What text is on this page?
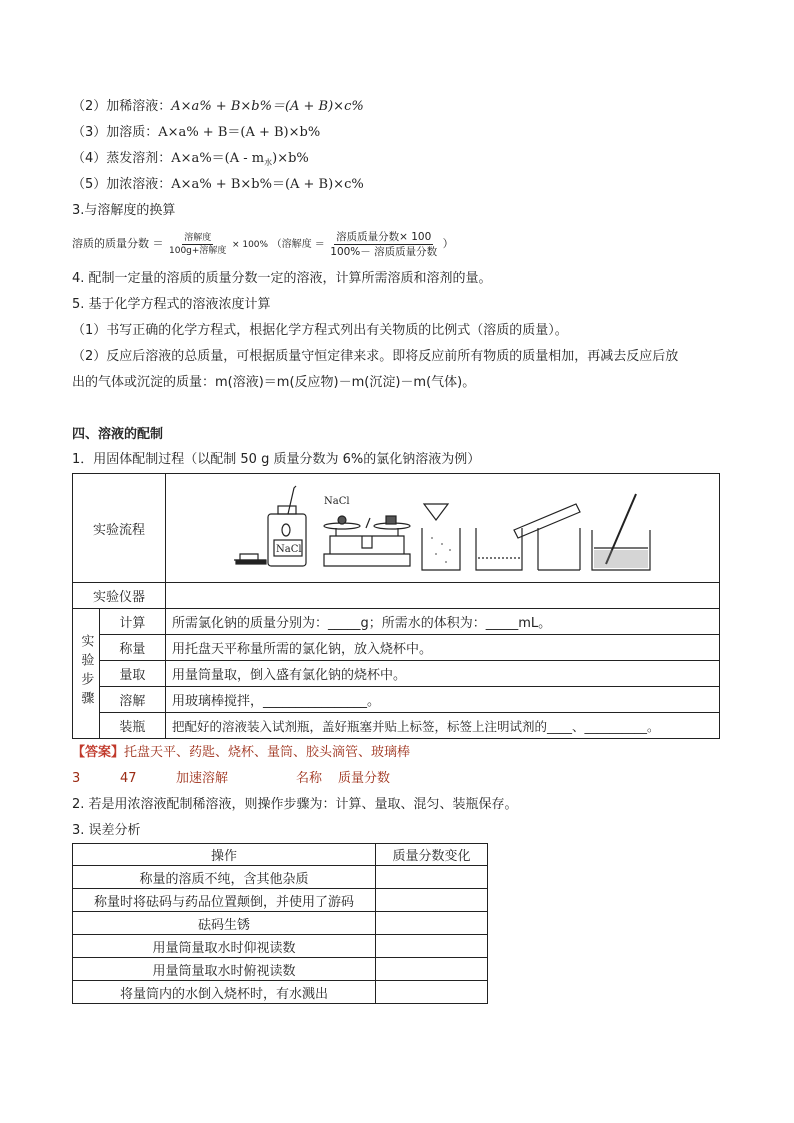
（2）加稀溶液：A×a% + B×b%＝(A + B)×c%
（3）加溶质：A×a% + B＝(A + B)×b%
（4）蒸发溶剂：$A\times a\%=(A - m_水)\times b\%$
（5）加浓溶液：A×a% + B×b%＝(A + B)×c%
3.与溶解度的换算
溶质的质量分数 ＝ $\frac{\text{溶解度}}{\text{100g+溶解度}} \times 100\%$ （溶解度 ＝ $\frac{\text{溶质质量分数× 100}}{\text{100\%－ 溶质质量分数}}$ ）
4. 配制一定量的溶质的质量分数一定的溶液，计算所需溶质和溶剂的量。
5. 基于化学方程式的溶液浓度计算
（1）书写正确的化学方程式，根据化学方程式列出有关物质的比例式（溶质的质量）。
（2）反应后溶液的总质量，可根据质量守恒定律来求。即将反应前所有物质的质量相加，再减去反应后放
出的气体或沉淀的质量：m(溶液)＝m(反应物)－m(沉淀)－m(气体)。
四、溶液的配制
1．用固体配制过程（以配制 50 g 质量分数为 6%的氯化钠溶液为例）
实验流程		NaCl
NaCl

实验仪器		
实验步骤	计算	所需氯化钠的质量分别为：_____g；所需水的体积为：_____mL。
	称量	用托盘天平称量所需的氯化钠，放入烧杯中。
	量取	用量筒量取，倒入盛有氯化钠的烧杯中。
	溶解	用玻璃棒搅拌，________________。
	装瓶	把配好的溶液装入试剂瓶，盖好瓶塞并贴上标签，标签上注明试剂的____、__________。
【答案】托盘天平、药匙、烧杯、量筒、胶头滴管、玻璃棒
3	47	加速溶解	名称 质量分数
2. 若是用浓溶液配制稀溶液，则操作步骤为：计算、量取、混匀、装瓶保存。
3. 误差分析
操作	质量分数变化
称量的溶质不纯，含其他杂质	
称量时将砝码与药品位置颠倒，并使用了游码	
砝码生锈	
用量筒量取水时仰视读数	
用量筒量取水时俯视读数	
将量筒内的水倒入烧杯时，有水溅出	
